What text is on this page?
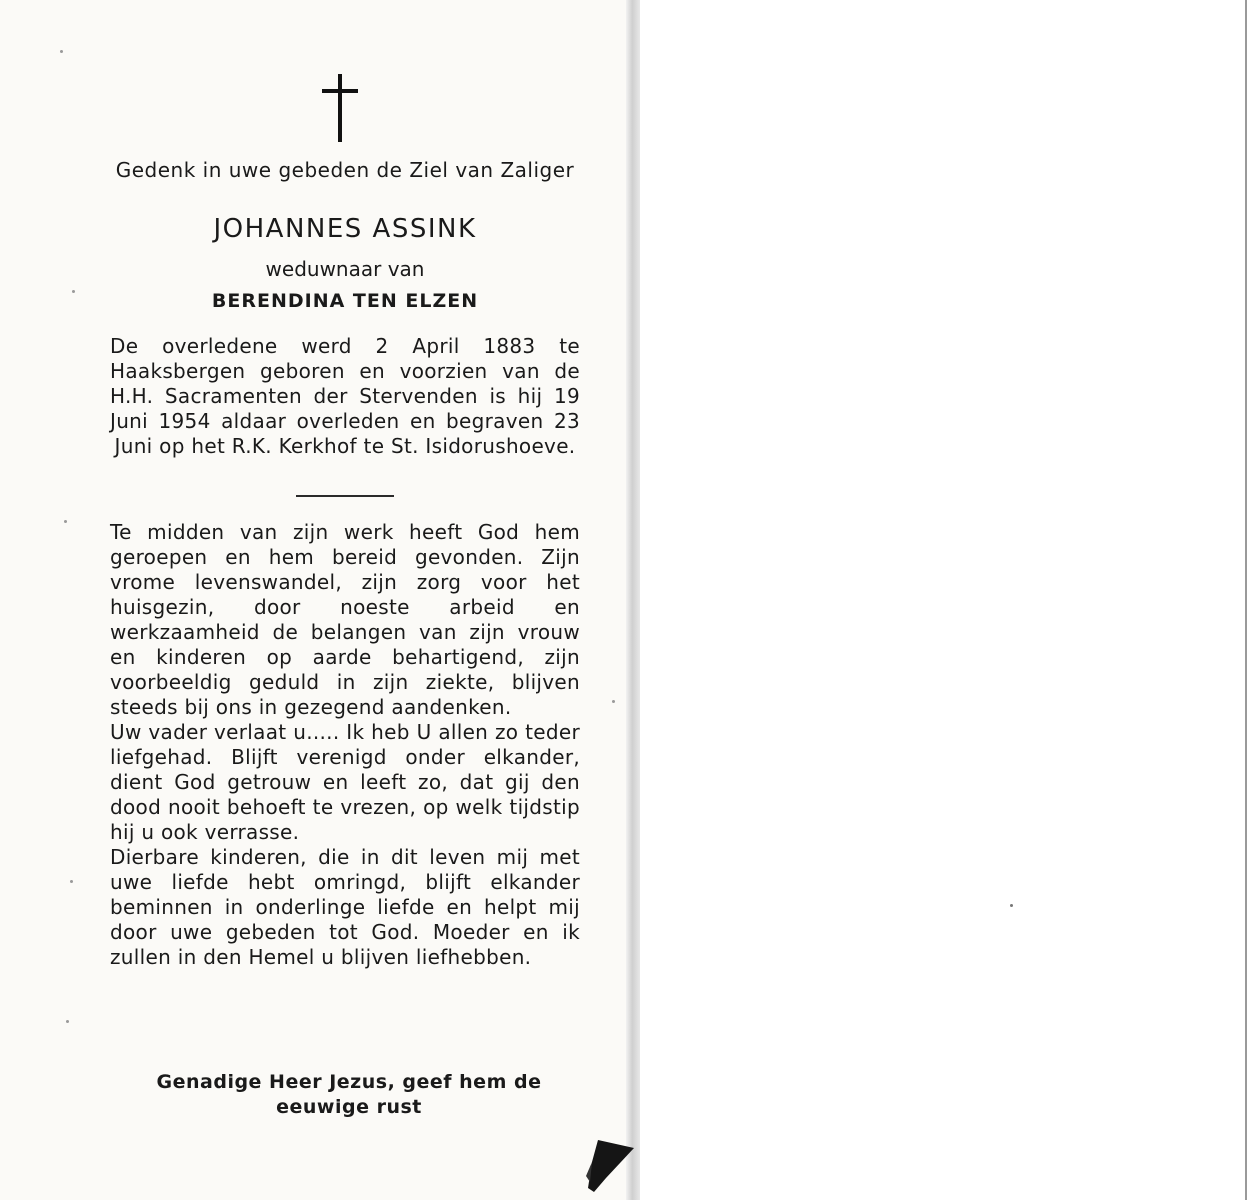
Gedenk in uwe gebeden de Ziel van Zaliger
JOHANNES ASSINK
weduwnaar van
BERENDINA TEN ELZEN
De overledene werd 2 April 1883 te Haaksbergen geboren en voorzien van de H.H. Sacramenten der Stervenden is hij 19 Juni 1954 aldaar overleden en begraven 23 Juni op het R.K. Kerkhof te St. Isidorushoeve.

Te midden van zijn werk heeft God hem geroepen en hem bereid gevonden. Zijn vrome levenswandel, zijn zorg voor het huisgezin, door noeste arbeid en werkzaamheid de belangen van zijn vrouw en kinderen op aarde behartigend, zijn voorbeeldig geduld in zijn ziekte, blijven steeds bij ons in gezegend aandenken.

Uw vader verlaat u..... Ik heb U allen zo teder liefgehad. Blijft verenigd onder elkander, dient God getrouw en leeft zo, dat gij den dood nooit behoeft te vrezen, op welk tijdstip hij u ook verrasse.

Dierbare kinderen, die in dit leven mij met uwe liefde hebt omringd, blijft elkander beminnen in onderlinge liefde en helpt mij door uwe gebeden tot God. Moeder en ik zullen in den Hemel u blijven liefhebben.

Genadige Heer Jezus, geef hem de eeuwige rust
